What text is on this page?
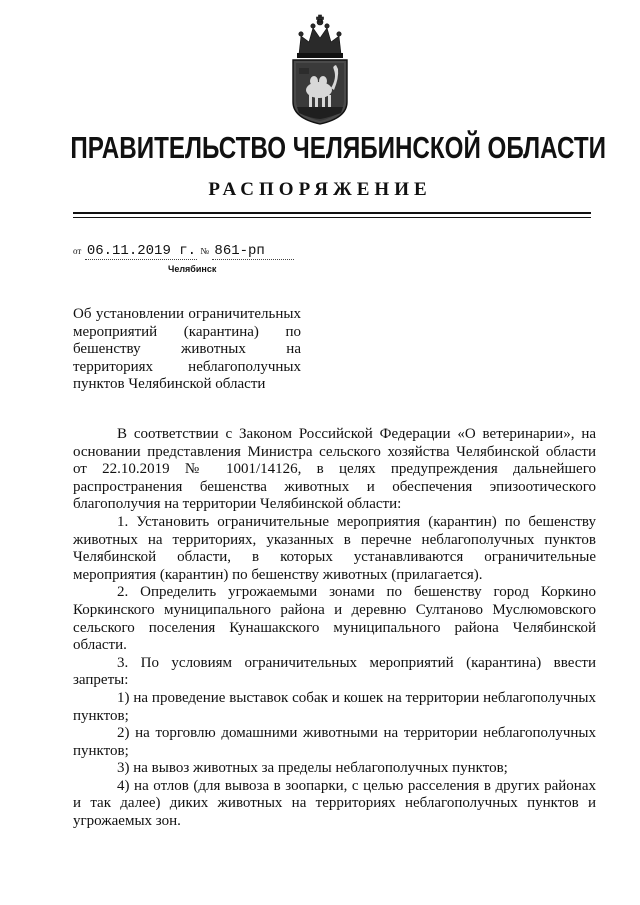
ПРАВИТЕЛЬСТВО ЧЕЛЯБИНСКОЙ ОБЛАСТИ
РАСПОРЯЖЕНИЕ
от 06.11.2019 г. № 861-рп
Челябинск
Об установлении ограничительных мероприятий (карантина) по бешенству животных на территориях неблагополучных пунктов Челябинской области

В соответствии с Законом Российской Федерации «О ветеринарии», на основании представления Министра сельского хозяйства Челябинской области от 22.10.2019 № 1001/14126, в целях предупреждения дальнейшего распространения бешенства животных и обеспечения эпизоотического благополучия на территории Челябинской области:

1. Установить ограничительные мероприятия (карантин) по бешенству животных на территориях, указанных в перечне неблагополучных пунктов Челябинской области, в которых устанавливаются ограничительные мероприятия (карантин) по бешенству животных (прилагается).

2. Определить угрожаемыми зонами по бешенству город Коркино Коркинского муниципального района и деревню Султаново Муслюмовского сельского поселения Кунашакского муниципального района Челябинской области.

3. По условиям ограничительных мероприятий (карантина) ввести запреты:

1) на проведение выставок собак и кошек на территории неблагополучных пунктов;

2) на торговлю домашними животными на территории неблагополучных пунктов;

3) на вывоз животных за пределы неблагополучных пунктов;

4) на отлов (для вывоза в зоопарки, с целью расселения в других районах и так далее) диких животных на территориях неблагополучных пунктов и угрожаемых зон.
